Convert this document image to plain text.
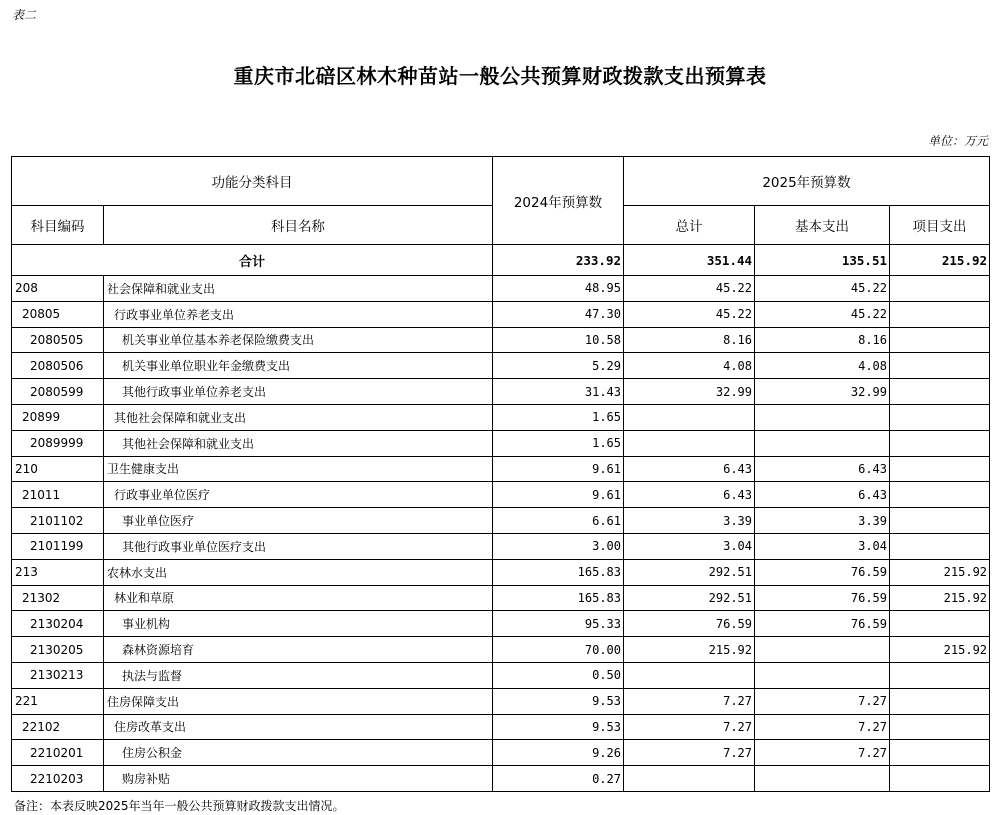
表二
重庆市北碚区林木种苗站一般公共预算财政拨款支出预算表
单位：万元
功能分类科目		2024年预算数	2025年预算数		
科目编码	科目名称		总计	基本支出	项目支出
合计		233.92	351.44	135.51	215.92
208	社会保障和就业支出	48.95	45.22	45.22	
20805	行政事业单位养老支出	47.30	45.22	45.22	
2080505	机关事业单位基本养老保险缴费支出	10.58	8.16	8.16	
2080506	机关事业单位职业年金缴费支出	5.29	4.08	4.08	
2080599	其他行政事业单位养老支出	31.43	32.99	32.99	
20899	其他社会保障和就业支出	1.65			
2089999	其他社会保障和就业支出	1.65			
210	卫生健康支出	9.61	6.43	6.43	
21011	行政事业单位医疗	9.61	6.43	6.43	
2101102	事业单位医疗	6.61	3.39	3.39	
2101199	其他行政事业单位医疗支出	3.00	3.04	3.04	
213	农林水支出	165.83	292.51	76.59	215.92
21302	林业和草原	165.83	292.51	76.59	215.92
2130204	事业机构	95.33	76.59	76.59	
2130205	森林资源培育	70.00	215.92		215.92
2130213	执法与监督	0.50			
221	住房保障支出	9.53	7.27	7.27	
22102	住房改革支出	9.53	7.27	7.27	
2210201	住房公积金	9.26	7.27	7.27	
2210203	购房补贴	0.27			
备注：本表反映2025年当年一般公共预算财政拨款支出情况。
